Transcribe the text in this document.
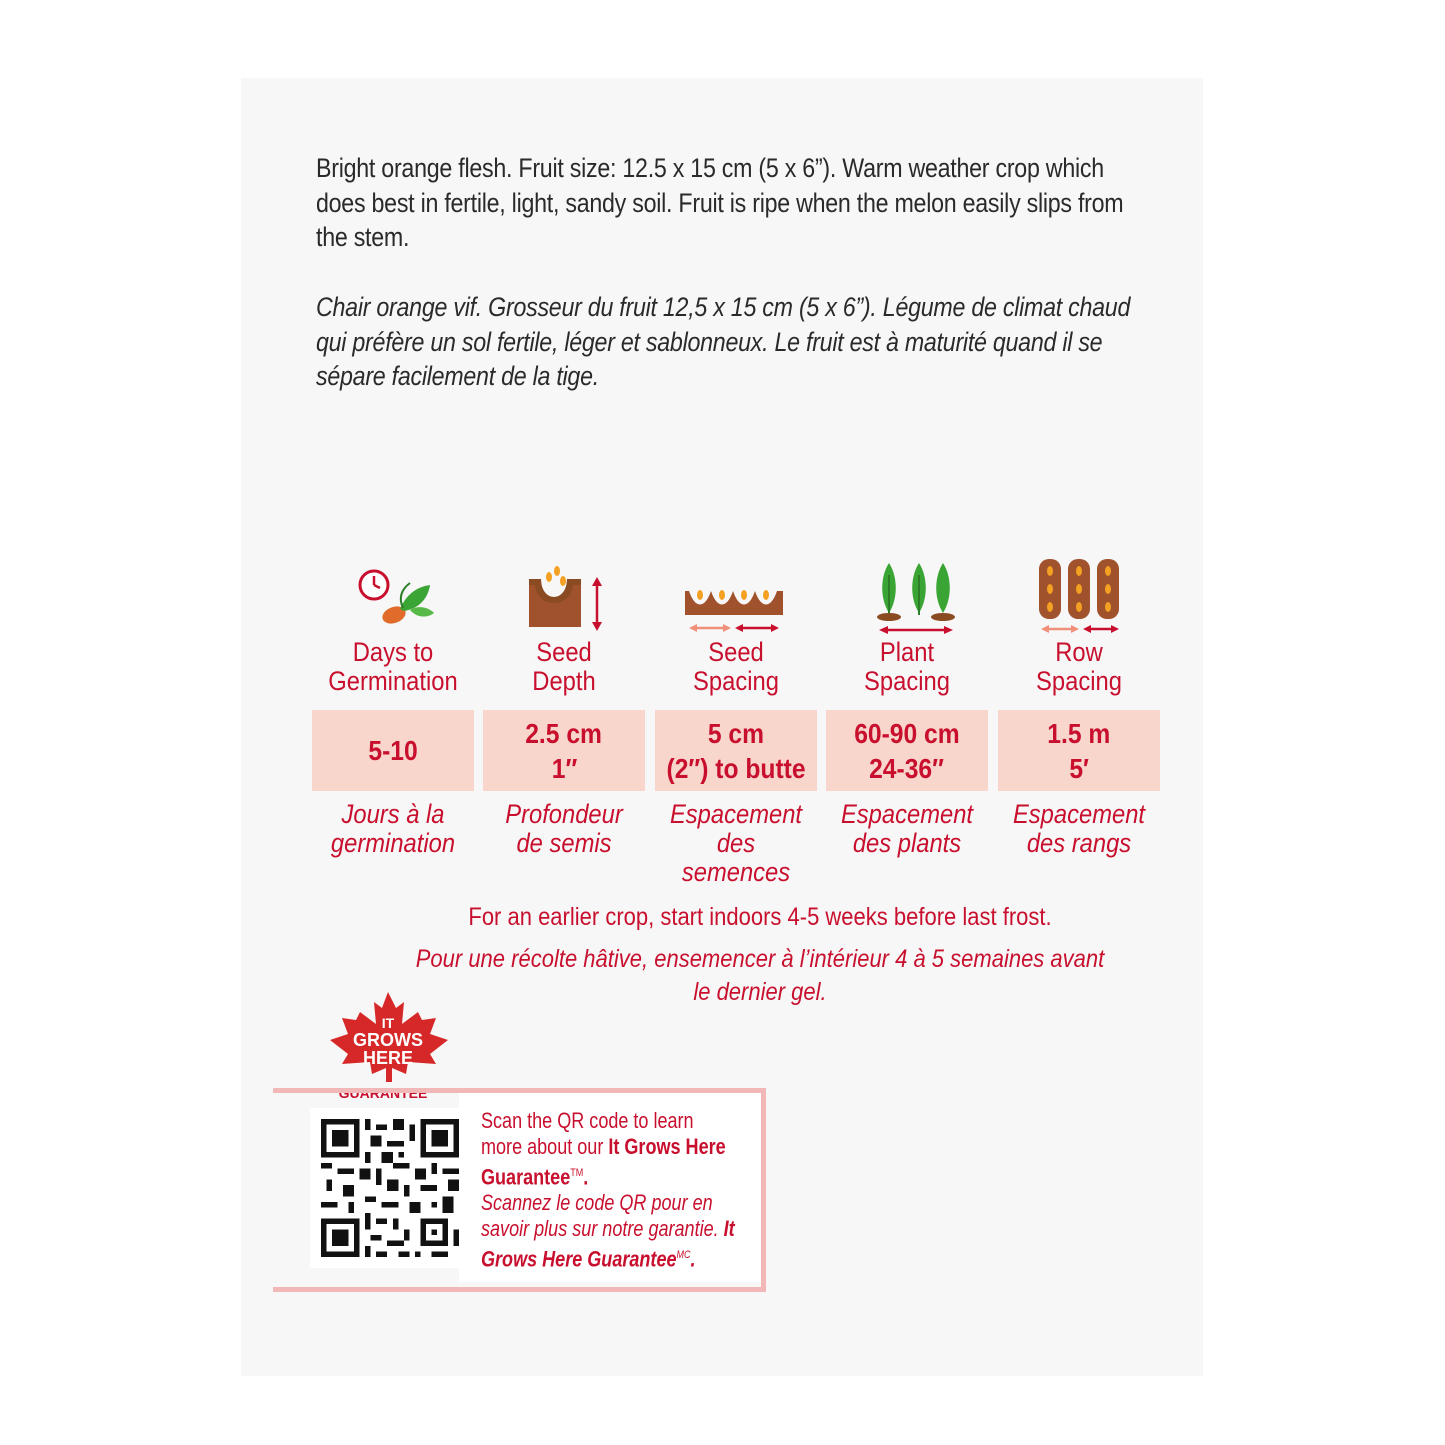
Bright orange flesh. Fruit size: 12.5 x 15 cm (5 x 6”). Warm weather crop which does best in fertile, light, sandy soil. Fruit is ripe when the melon easily slips from the stem.

Chair orange vif. Grosseur du fruit 12,5 x 15 cm (5 x 6”). Légume de climat chaud qui préfère un sol fertile, léger et sablonneux. Le fruit est à maturité quand il se sépare facilement de la tige.

Days to
Germination
5-10
Jours à la
germination
Seed
Depth
2.5 cm
1″
Profondeur
de semis
Seed
Spacing
5 cm
(2″) to butte
Espacement
des semences
Plant
Spacing
60-90 cm
24-36″
Espacement
des plants
Row
Spacing
1.5 m
5′
Espacement
des rangs
For an earlier crop, start indoors 4-5 weeks before last frost.
Pour une récolte hâtive, ensemencer à l’intérieur 4 à 5 semaines avant
le dernier gel.
IT
GROWS
HERE
GUARANTEE™
Scan the QR code to learn more about our It Grows Here Guarantee™.
Scannez le code QR pour en savoir plus sur notre garantie. It Grows Here Guarantee$^{MC}$.
